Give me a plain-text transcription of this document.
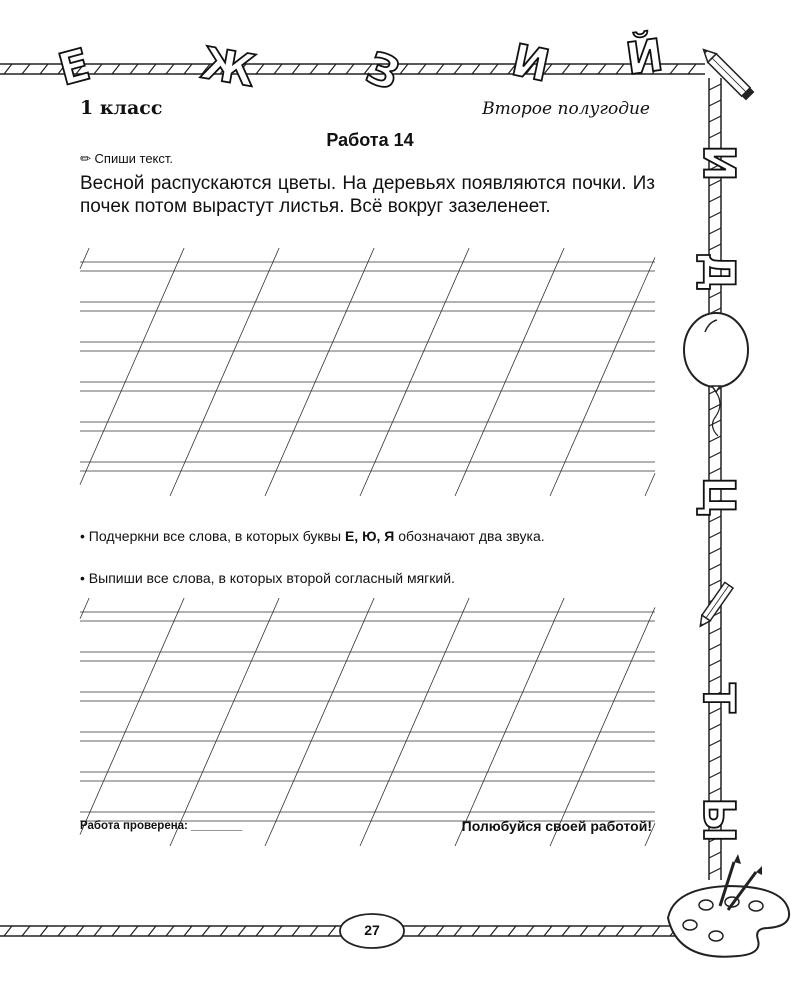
Е Ж З И Й
И
Д
Ц
Т
Ы
1 класс	Второе полугодие
Работа 14
✏ Спиши текст.
Весной распускаются цветы. На деревьях появляются почки. Из почек потом вырастут листья. Всё вокруг зазеленеет.
• Подчеркни все слова, в которых буквы Е, Ю, Я обозначают два звука.
• Выпиши все слова, в которых второй согласный мягкий.
Работа проверена: ________	Полюбуйся своей работой!
27
